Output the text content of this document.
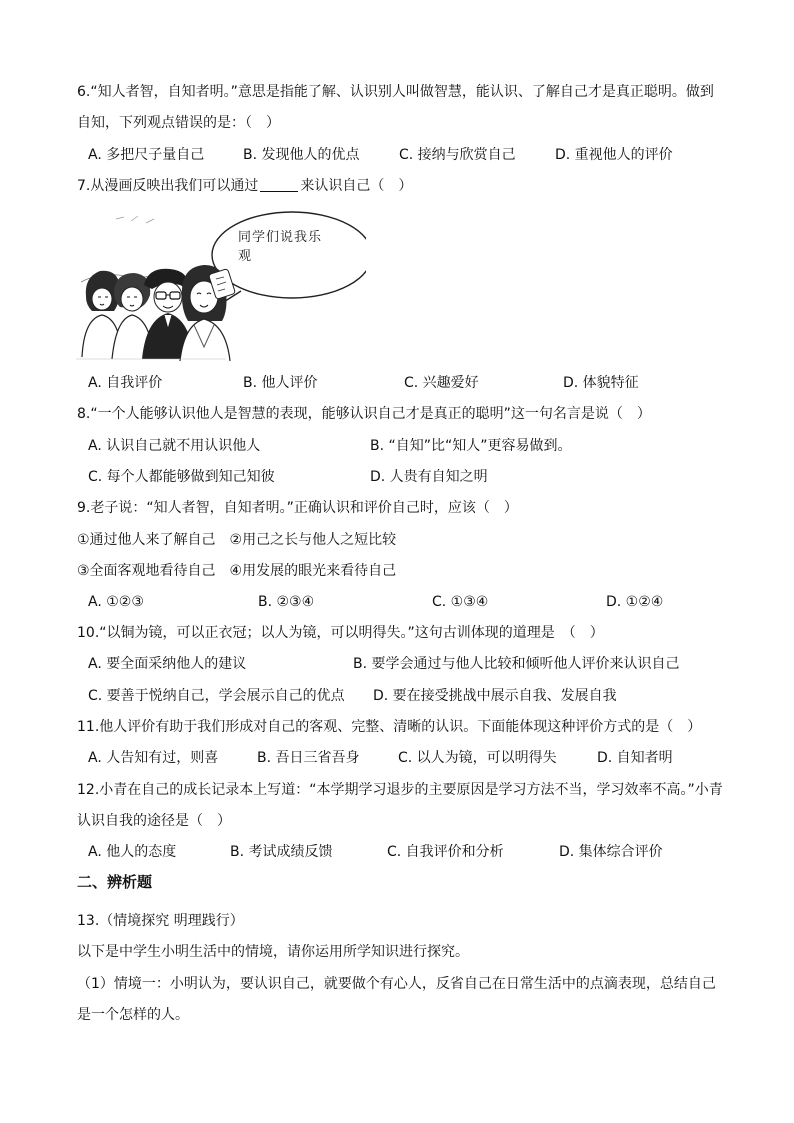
6.“知人者智，自知者明。”意思是指能了解、认识别人叫做智慧，能认识、了解自己才是真正聪明。做到
自知，下列观点错误的是：（　）
A. 多把尺子量自己	B. 发现他人的优点	C. 接纳与欣赏自己	D. 重视他人的评价
7.从漫画反映出我们可以通过	来认识自己（　）
同学们说我乐
观
A. 自我评价	B. 他人评价	C. 兴趣爱好	D. 体貌特征
8.“一个人能够认识他人是智慧的表现，能够认识自己才是真正的聪明”这一句名言是说（　）
A. 认识自己就不用认识他人	B. “自知”比“知人”更容易做到。
C. 每个人都能够做到知己知彼	D. 人贵有自知之明
9.老子说：“知人者智，自知者明。”正确认识和评价自己时，应该（　）
①通过他人来了解自己　②用己之长与他人之短比较
③全面客观地看待自己　④用发展的眼光来看待自己
A. ①②③	B. ②③④	C. ①③④	D. ①②④
10.“以铜为镜，可以正衣冠；以人为镜，可以明得失。”这句古训体现的道理是　（　）
A. 要全面采纳他人的建议	B. 要学会通过与他人比较和倾听他人评价来认识自己
C. 要善于悦纳自己，学会展示自己的优点 D. 要在接受挑战中展示自我、发展自我
11.他人评价有助于我们形成对自己的客观、完整、清晰的认识。下面能体现这种评价方式的是（　）
A. 人告知有过，则喜	B. 吾日三省吾身	C. 以人为镜，可以明得失	D. 自知者明
12.小青在自己的成长记录本上写道：“本学期学习退步的主要原因是学习方法不当，学习效率不高。”小青
认识自我的途径是（　）
A. 他人的态度	B. 考试成绩反馈	C. 自我评价和分析	D. 集体综合评价
二、辨析题
13.（情境探究 明理践行）
以下是中学生小明生活中的情境，请你运用所学知识进行探究。
（1）情境一：小明认为，要认识自己，就要做个有心人，反省自己在日常生活中的点滴表现，总结自己
是一个怎样的人。
